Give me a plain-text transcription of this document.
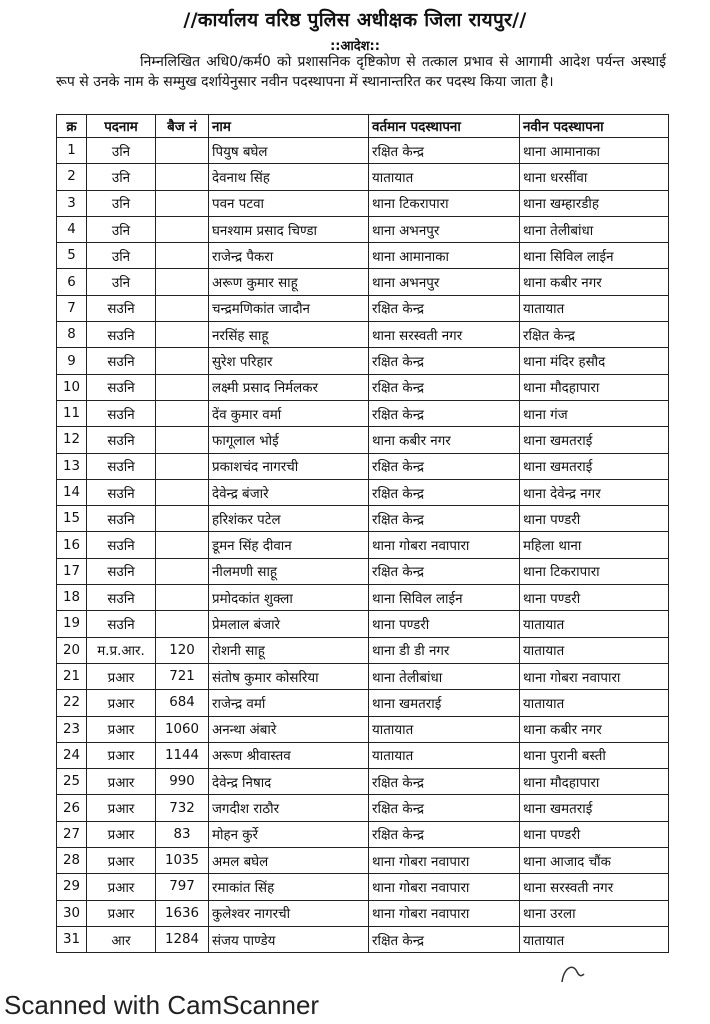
//कार्यालय वरिष्ठ पुलिस अधीक्षक जिला रायपुर//
::आदेश::
निम्नलिखित अधि0/कर्म0 को प्रशासनिक दृष्टिकोण से तत्काल प्रभाव से आगामी आदेश पर्यन्त अस्थाई रूप से उनके नाम के सम्मुख दर्शायेनुसार नवीन पदस्थापना में स्थानान्तरित कर पदस्थ किया जाता है।
क्र	पदनाम	बैज नं	नाम	वर्तमान पदस्थापना	नवीन पदस्थापना
1	उनि		पियुष बघेल	रक्षित केन्द्र	थाना आमानाका
2	उनि		देवनाथ सिंह	यातायात	थाना धरसींवा
3	उनि		पवन पटवा	थाना टिकरापारा	थाना खम्हारडीह
4	उनि		घनश्याम प्रसाद चिण्डा	थाना अभनपुर	थाना तेलीबांधा
5	उनि		राजेन्द्र पैकरा	थाना आमानाका	थाना सिविल लाईन
6	उनि		अरूण कुमार साहू	थाना अभनपुर	थाना कबीर नगर
7	सउनि		चन्द्रमणिकांत जादौन	रक्षित केन्द्र	यातायात
8	सउनि		नरसिंह साहू	थाना सरस्वती नगर	रक्षित केन्द्र
9	सउनि		सुरेश परिहार	रक्षित केन्द्र	थाना मंदिर हसौद
10	सउनि		लक्ष्मी प्रसाद निर्मलकर	रक्षित केन्द्र	थाना मौदहापारा
11	सउनि		देंव कुमार वर्मा	रक्षित केन्द्र	थाना गंज
12	सउनि		फागूलाल भोई	थाना कबीर नगर	थाना खमतराई
13	सउनि		प्रकाशचंद नागरची	रक्षित केन्द्र	थाना खमतराई
14	सउनि		देवेन्द्र बंजारे	रक्षित केन्द्र	थाना देवेन्द्र नगर
15	सउनि		हरिशंकर पटेल	रक्षित केन्द्र	थाना पण्डरी
16	सउनि		डूमन सिंह दीवान	थाना गोबरा नवापारा	महिला थाना
17	सउनि		नीलमणी साहू	रक्षित केन्द्र	थाना टिकरापारा
18	सउनि		प्रमोदकांत शुक्ला	थाना सिविल लाईन	थाना पण्डरी
19	सउनि		प्रेमलाल बंजारे	थाना पण्डरी	यातायात
20	म.प्र.आर.	120	रोशनी साहू	थाना डी डी नगर	यातायात
21	प्रआर	721	संतोष कुमार कोसरिया	थाना तेलीबांधा	थाना गोबरा नवापारा
22	प्रआर	684	राजेन्द्र वर्मा	थाना खमतराई	यातायात
23	प्रआर	1060	अनन्था अंबारे	यातायात	थाना कबीर नगर
24	प्रआर	1144	अरूण श्रीवास्तव	यातायात	थाना पुरानी बस्ती
25	प्रआर	990	देवेन्द्र निषाद	रक्षित केन्द्र	थाना मौदहापारा
26	प्रआर	732	जगदीश राठौर	रक्षित केन्द्र	थाना खमतराई
27	प्रआर	83	मोहन कुर्रे	रक्षित केन्द्र	थाना पण्डरी
28	प्रआर	1035	अमल बघेल	थाना गोबरा नवापारा	थाना आजाद चौंक
29	प्रआर	797	रमाकांत सिंह	थाना गोबरा नवापारा	थाना सरस्वती नगर
30	प्रआर	1636	कुलेश्वर नागरची	थाना गोबरा नवापारा	थाना उरला
31	आर	1284	संजय पाण्डेय	रक्षित केन्द्र	यातायात
Scanned with CamScanner
